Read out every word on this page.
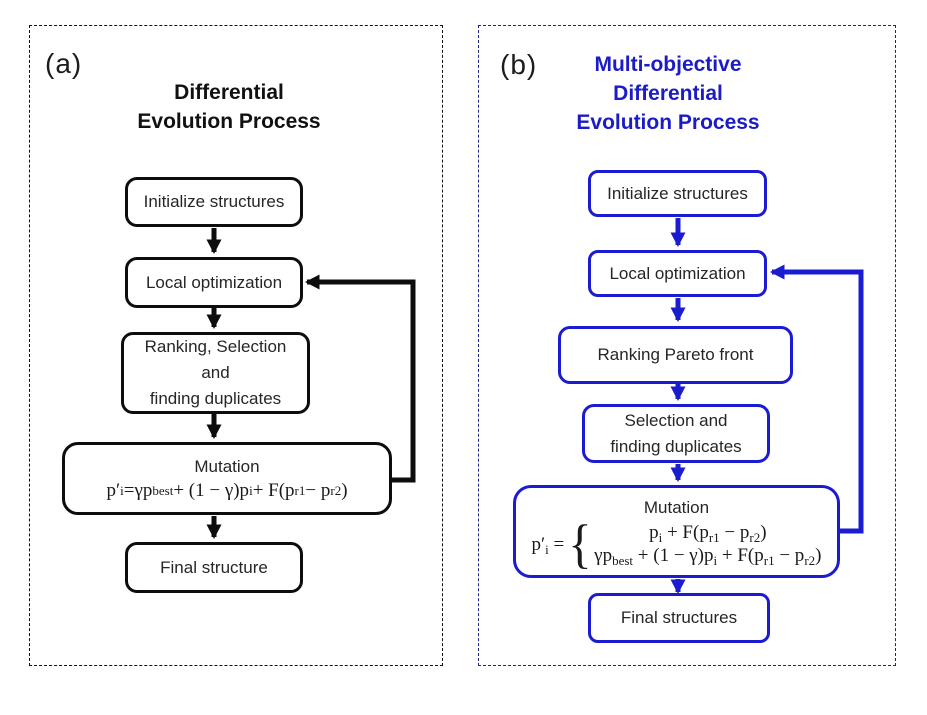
(a)	(b)
Differential
Evolution Process
Multi-objective
Differential
Evolution Process
Initialize structures
Local optimization
Ranking, Selection
and
finding duplicates
Mutation
p′ i = γp best + (1 − γ)p i + F(p r1 − p r2 )
Final structure
Initialize structures
Local optimization
Ranking Pareto front
Selection and
finding duplicates
Mutation
$p'_i$ = {	$p_i + F(p_{r1} - p_{r2})$
$\gamma p_{best} + (1 - \gamma)p_i + F(p_{r1} - p_{r2})$
Final structures
